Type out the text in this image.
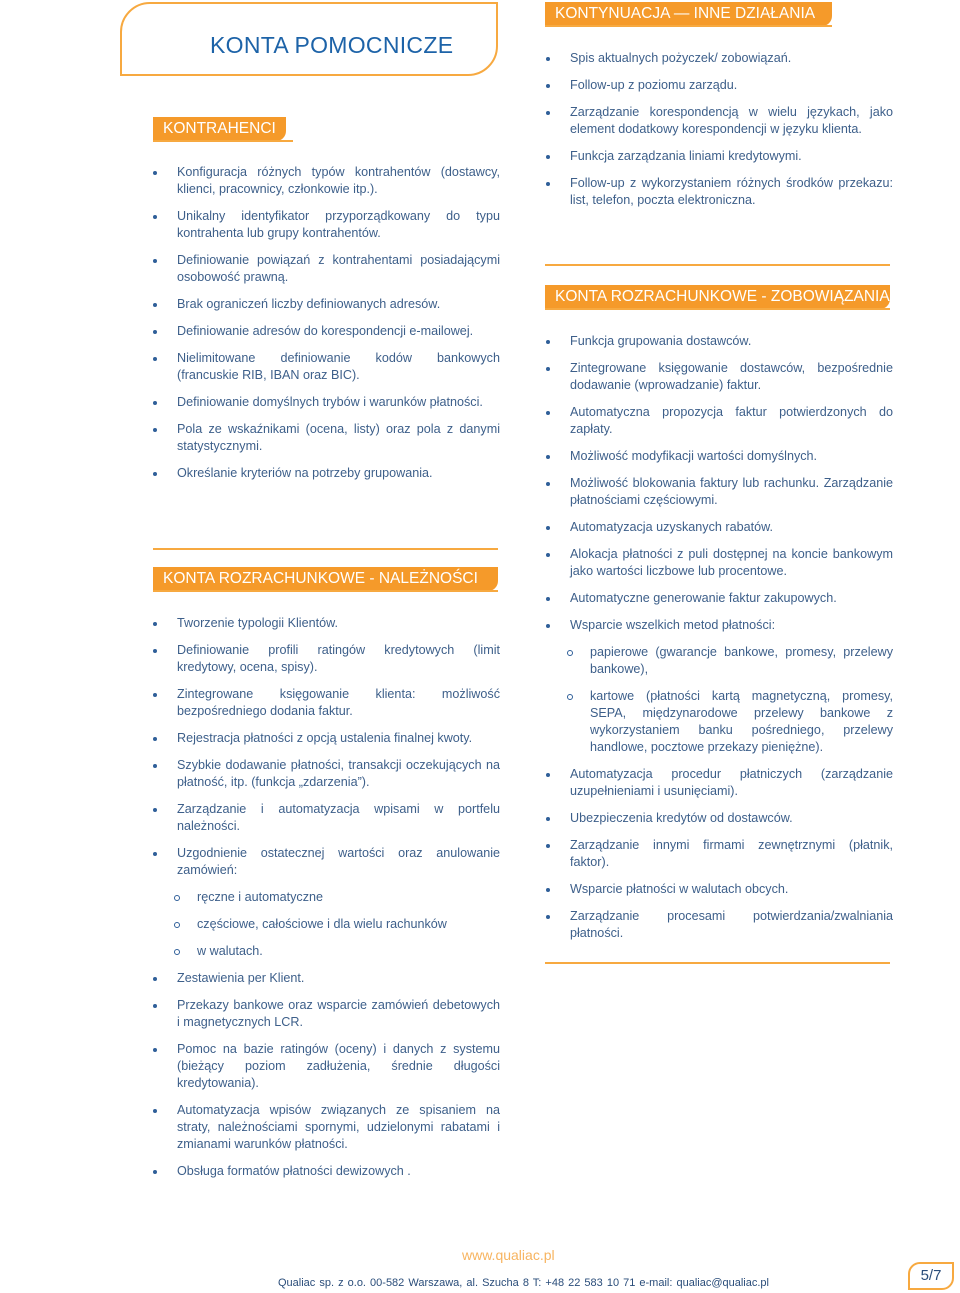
KONTA POMOCNICZE
KONTRAHENCI
Konfiguracja różnych typów kontrahentów (dostawcy, klienci, pracownicy, członkowie itp.).
Unikalny identyfikator przyporządkowany do typu kontrahenta lub grupy kontrahentów.
Definiowanie powiązań z kontrahentami posiadającymi osobowość prawną.
Brak ograniczeń liczby definiowanych adresów.
Definiowanie adresów do korespondencji e-mailowej.
Nielimitowane definiowanie kodów bankowych (francuskie RIB, IBAN oraz BIC).
Definiowanie domyślnych trybów i warunków płatności.
Pola ze wskaźnikami (ocena, listy) oraz pola z danymi statystycznymi.
Określanie kryteriów na potrzeby grupowania.
KONTA ROZRACHUNKOWE - NALEŻNOŚCI
Tworzenie typologii Klientów.
Definiowanie profili ratingów kredytowych (limit kredytowy, ocena, spisy).
Zintegrowane księgowanie klienta: możliwość bezpośredniego dodania faktur.
Rejestracja płatności z opcją ustalenia finalnej kwoty.
Szybkie dodawanie płatności, transakcji oczekujących na płatność, itp. (funkcja „zdarzenia”).
Zarządzanie i automatyzacja wpisami w portfelu należności.
Uzgodnienie ostatecznej wartości oraz anulowanie zamówień:
ręczne i automatyczne
częściowe, całościowe i dla wielu rachunków
w walutach.
Zestawienia per Klient.
Przekazy bankowe oraz wsparcie zamówień debetowych i magnetycznych LCR.
Pomoc na bazie ratingów (oceny) i danych z systemu (bieżący poziom zadłużenia, średnie długości kredytowania).
Automatyzacja wpisów związanych ze spisaniem na straty, należnościami spornymi, udzielonymi rabatami i zmianami warunków płatności.
Obsługa formatów płatności dewizowych .
KONTYNUACJA — INNE DZIAŁANIA
Spis aktualnych pożyczek/ zobowiązań.
Follow-up z poziomu zarządu.
Zarządzanie korespondencją w wielu językach, jako element dodatkowy korespondencji w języku klienta.
Funkcja zarządzania liniami kredytowymi.
Follow-up z wykorzystaniem różnych środków przekazu: list, telefon, poczta elektroniczna.
KONTA ROZRACHUNKOWE - ZOBOWIĄZANIA
Funkcja grupowania dostawców.
Zintegrowane księgowanie dostawców, bezpośrednie dodawanie (wprowadzanie) faktur.
Automatyczna propozycja faktur potwierdzonych do zapłaty.
Możliwość modyfikacji wartości domyślnych.
Możliwość blokowania faktury lub rachunku. Zarządzanie płatnościami częściowymi.
Automatyzacja uzyskanych rabatów.
Alokacja płatności z puli dostępnej na koncie bankowym jako wartości liczbowe lub procentowe.
Automatyczne generowanie faktur zakupowych.
Wsparcie wszelkich metod płatności:
papierowe (gwarancje bankowe, promesy, przelewy bankowe),
kartowe (płatności kartą magnetyczną, promesy, SEPA, międzynarodowe przelewy bankowe z wykorzystaniem banku pośredniego, przelewy handlowe, pocztowe przekazy pieniężne).
Automatyzacja procedur płatniczych (zarządzanie uzupełnieniami i usunięciami).
Ubezpieczenia kredytów od dostawców.
Zarządzanie innymi firmami zewnętrznymi (płatnik, faktor).
Wsparcie płatności w walutach obcych.
Zarządzanie procesami potwierdzania/zwalniania płatności.
www.qualiac.pl
Qualiac sp. z o.o. 00-582 Warszawa, al. Szucha 8 T: +48 22 583 10 71 e-mail: qualiac@qualiac.pl	5/7
